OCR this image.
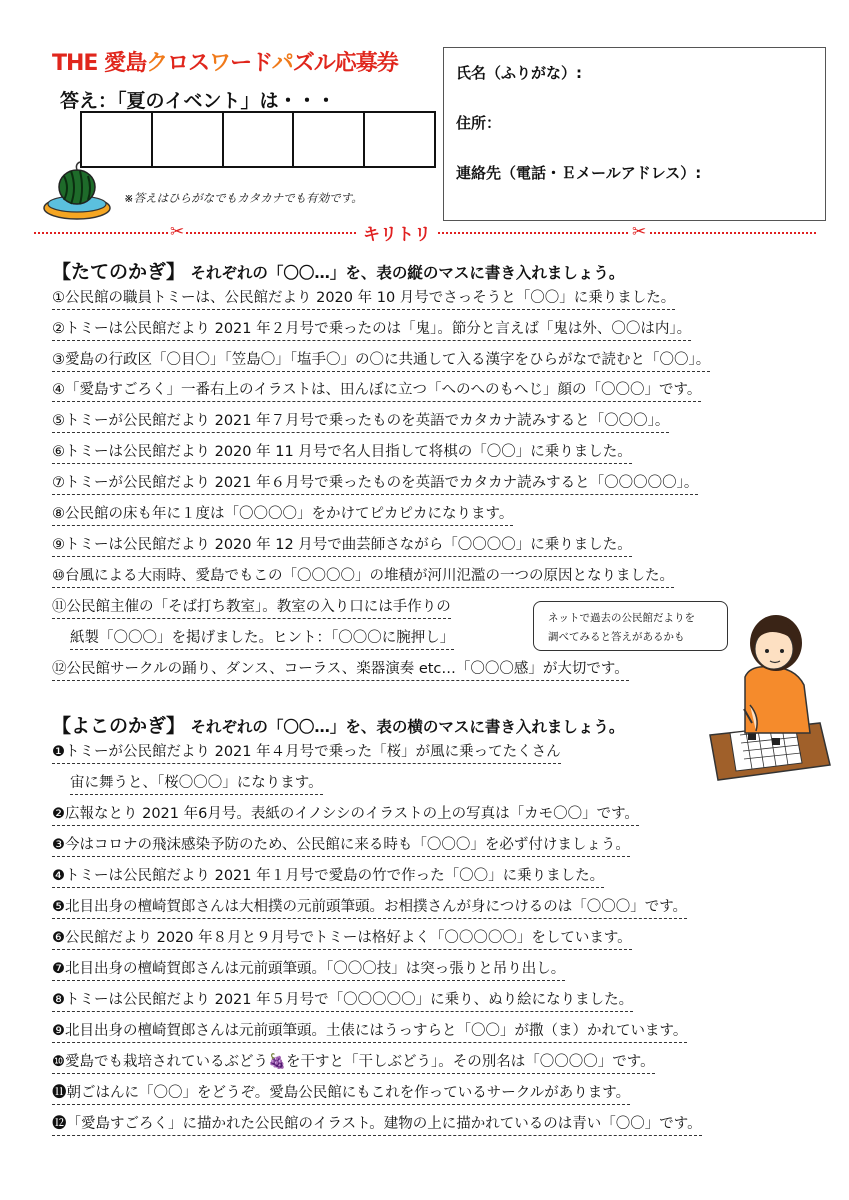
THE 愛島クロスワードパズル応募券
答え：「夏のイベント」は・・・
※答えはひらがなでもカタカナでも有効です。
氏名（ふりがな）:
住所：
連絡先（電話・Ｅメールアドレス）:
✂	キリトリ	✂
【たてのかぎ】 それぞれの「〇〇…」を、表の縦のマスに書き入れましょう。
①公民館の職員トミーは、公民館だより 2020 年 10 月号でさっそうと「〇〇」に乗りました。
②トミーは公民館だより 2021 年２月号で乗ったのは「鬼」。節分と言えば「鬼は外、〇〇は内」。
③愛島の行政区「〇目〇」「笠島〇」「塩手〇」の〇に共通して入る漢字をひらがなで読むと「〇〇」。
④「愛島すごろく」一番右上のイラストは、田んぼに立つ「へのへのもへじ」顔の「〇〇〇」です。
⑤トミーが公民館だより 2021 年７月号で乗ったものを英語でカタカナ読みすると「〇〇〇」。
⑥トミーは公民館だより 2020 年 11 月号で名人目指して将棋の「〇〇」に乗りました。
⑦トミーが公民館だより 2021 年６月号で乗ったものを英語でカタカナ読みすると「〇〇〇〇〇」。
⑧公民館の床も年に１度は「〇〇〇〇」をかけてピカピカになります。
⑨トミーは公民館だより 2020 年 12 月号で曲芸師さながら「〇〇〇〇」に乗りました。
⑩台風による大雨時、愛島でもこの「〇〇〇〇」の堆積が河川氾濫の一つの原因となりました。
⑪公民館主催の「そば打ち教室」。教室の入り口には手作りの
紙製「〇〇〇」を掲げました。ヒント：「〇〇〇に腕押し」
⑫公民館サークルの踊り、ダンス、コーラス、楽器演奏 etc…「〇〇〇感」が大切です。
ネットで過去の公民館だよりを
調べてみると答えがあるかも
【よこのかぎ】 それぞれの「〇〇…」を、表の横のマスに書き入れましょう。
❶トミーが公民館だより 2021 年４月号で乗った「桜」が風に乗ってたくさん
宙に舞うと、「桜〇〇〇」になります。
❷広報なとり 2021 年6月号。表紙のイノシシのイラストの上の写真は「カモ〇〇」です。
❸今はコロナの飛沫感染予防のため、公民館に来る時も「〇〇〇」を必ず付けましょう。
❹トミーは公民館だより 2021 年１月号で愛島の竹で作った「〇〇」に乗りました。
❺北目出身の檀崎賀郎さんは大相撲の元前頭筆頭。お相撲さんが身につけるのは「〇〇〇」です。
❻公民館だより 2020 年８月と９月号でトミーは格好よく「〇〇〇〇〇」をしています。
❼北目出身の檀崎賀郎さんは元前頭筆頭。「〇〇〇技」は突っ張りと吊り出し。
❽トミーは公民館だより 2021 年５月号で「〇〇〇〇〇」に乗り、ぬり絵になりました。
❾北目出身の檀崎賀郎さんは元前頭筆頭。土俵にはうっすらと「〇〇」が撒（ま）かれています。
❿愛島でも栽培されているぶどう🍇を干すと「干しぶどう」。その別名は「〇〇〇〇」です。
⓫朝ごはんに「〇〇」をどうぞ。愛島公民館にもこれを作っているサークルがあります。
⓬「愛島すごろく」に描かれた公民館のイラスト。建物の上に描かれているのは青い「〇〇」です。
